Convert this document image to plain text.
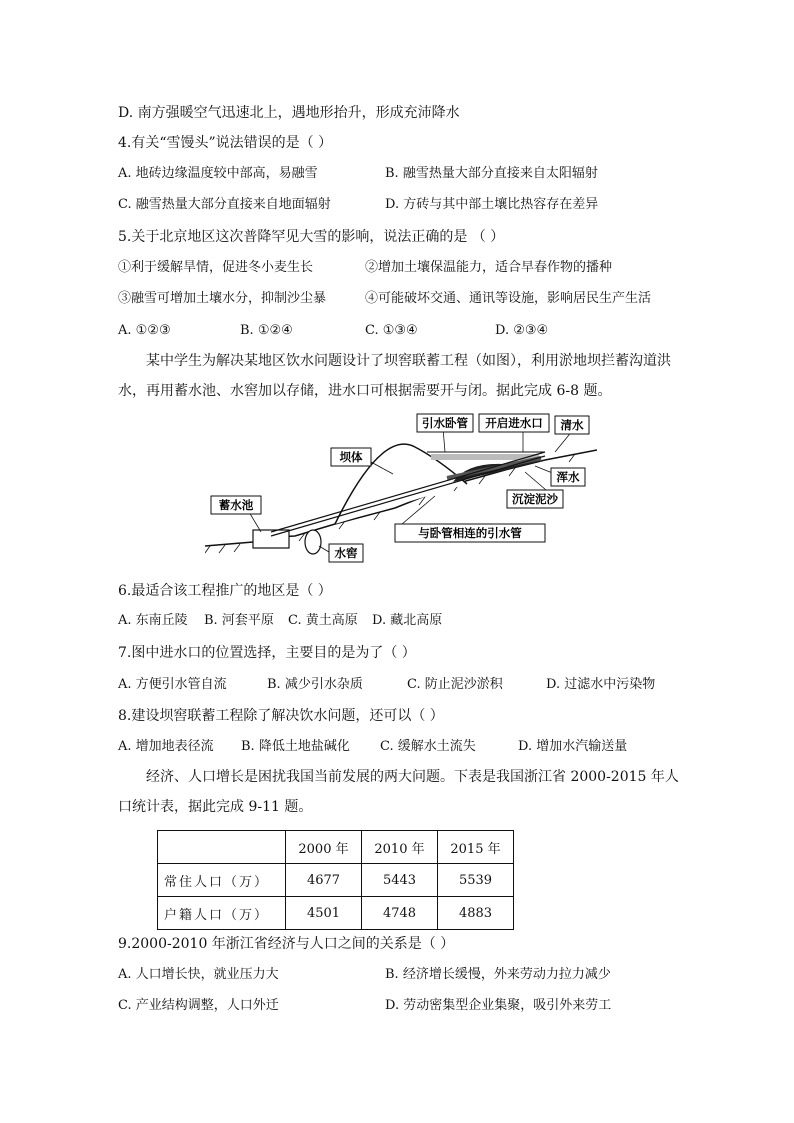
D. 南方强暖空气迅速北上，遇地形抬升，形成充沛降水
4.有关“雪馒头”说法错误的是（ ）
A. 地砖边缘温度较中部高，易融雪	B. 融雪热量大部分直接来自太阳辐射
C. 融雪热量大部分直接来自地面辐射	D. 方砖与其中部土壤比热容存在差异
5.关于北京地区这次普降罕见大雪的影响，说法正确的是 （ ）
①利于缓解旱情，促进冬小麦生长	②增加土壤保温能力，适合早春作物的播种
③融雪可增加土壤水分，抑制沙尘暴	④可能破坏交通、通讯等设施，影响居民生产生活
A. ①②③	B. ①②④	C. ①③④	D. ②③④
某中学生为解决某地区饮水问题设计了坝窖联蓄工程（如图），利用淤地坝拦蓄沟道洪水，再用蓄水池、水窖加以存储，进水口可根据需要开与闭。据此完成 6-8 题。
引水卧管 开启进水口 清水
坝体
浑水
沉淀泥沙
蓄水池
与卧管相连的引水管
水窖
6.最适合该工程推广的地区是（ ）
A. 东南丘陵 B. 河套平原 C. 黄土高原 D. 藏北高原
7.图中进水口的位置选择，主要目的是为了（ ）
A. 方便引水管自流	B. 减少引水杂质	C. 防止泥沙淤积	D. 过滤水中污染物
8.建设坝窖联蓄工程除了解决饮水问题，还可以（ ）
A. 增加地表径流 B. 降低土地盐碱化 C. 缓解水土流失	D. 增加水汽输送量
经济、人口增长是困扰我国当前发展的两大问题。下表是我国浙江省 2000-2015 年人口统计表，据此完成 9-11 题。
	2000 年	2010 年	2015 年
常住人口（万）	4677	5443	5539
户籍人口（万）	4501	4748	4883
9.2000-2010 年浙江省经济与人口之间的关系是（ ）
A. 人口增长快，就业压力大	B. 经济增长缓慢，外来劳动力拉力减少
C. 产业结构调整，人口外迁	D. 劳动密集型企业集聚，吸引外来劳工
